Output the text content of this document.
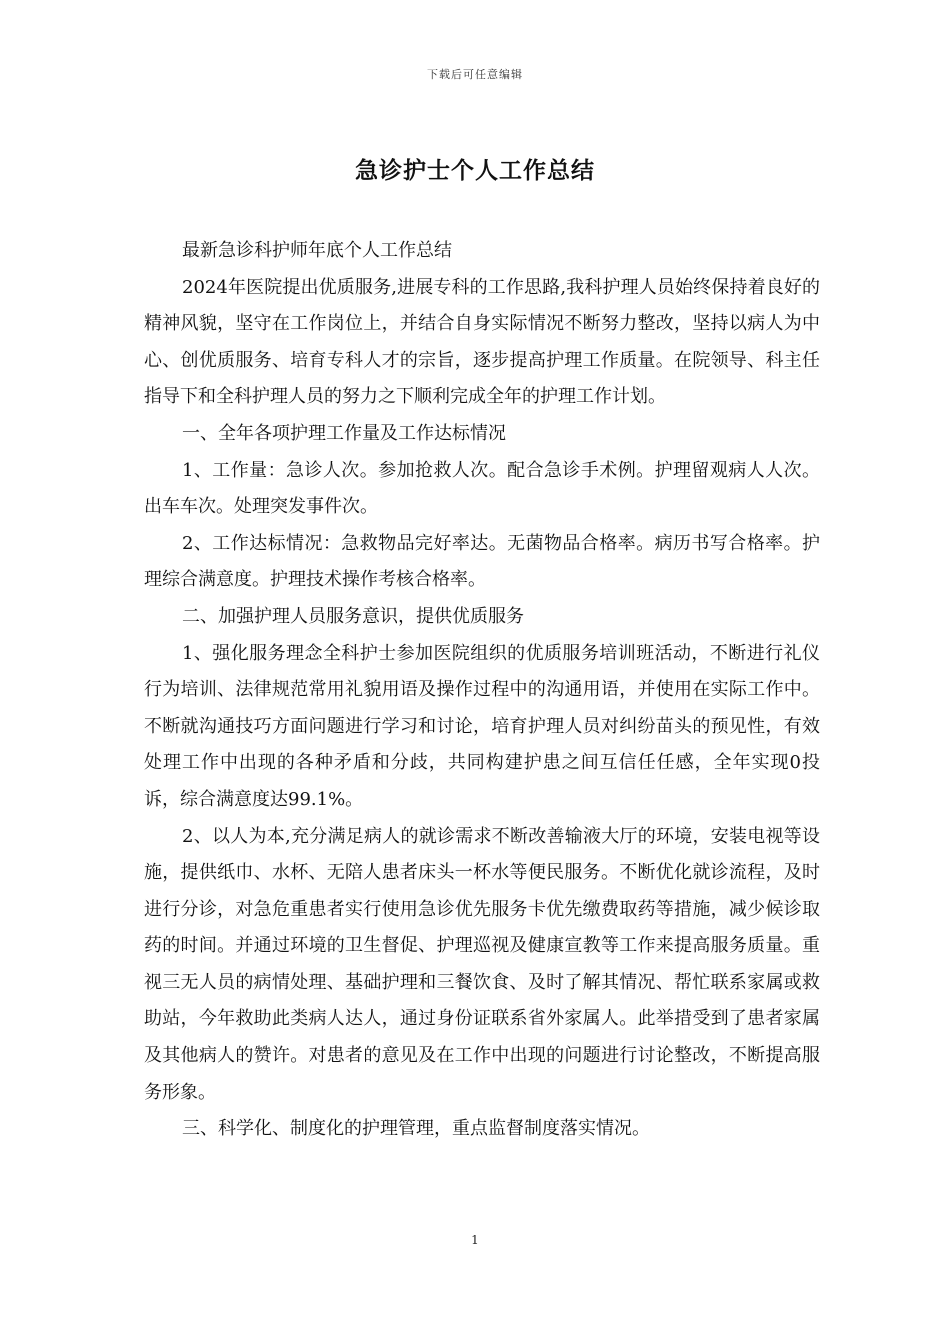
下载后可任意编辑
急诊护士个人工作总结

最新急诊科护师年底个人工作总结

2024年医院提出优质服务,进展专科的工作思路,我科护理人员始终保持着良好的精神风貌，坚守在工作岗位上，并结合自身实际情况不断努力整改，坚持以病人为中心、创优质服务、培育专科人才的宗旨，逐步提高护理工作质量。在院领导、科主任指导下和全科护理人员的努力之下顺利完成全年的护理工作计划。

一、全年各项护理工作量及工作达标情况

1、工作量：急诊人次。参加抢救人次。配合急诊手术例。护理留观病人人次。出车车次。处理突发事件次。

2、工作达标情况：急救物品完好率达。无菌物品合格率。病历书写合格率。护理综合满意度。护理技术操作考核合格率。

二、加强护理人员服务意识，提供优质服务

1、强化服务理念全科护士参加医院组织的优质服务培训班活动，不断进行礼仪行为培训、法律规范常用礼貌用语及操作过程中的沟通用语，并使用在实际工作中。不断就沟通技巧方面问题进行学习和讨论，培育护理人员对纠纷苗头的预见性，有效处理工作中出现的各种矛盾和分歧，共同构建护患之间互信任任感，全年实现0投诉，综合满意度达99.1%。

2、以人为本,充分满足病人的就诊需求不断改善输液大厅的环境，安装电视等设施，提供纸巾、水杯、无陪人患者床头一杯水等便民服务。不断优化就诊流程，及时进行分诊，对急危重患者实行使用急诊优先服务卡优先缴费取药等措施，减少候诊取药的时间。并通过环境的卫生督促、护理巡视及健康宣教等工作来提高服务质量。重视三无人员的病情处理、基础护理和三餐饮食、及时了解其情况、帮忙联系家属或救助站，今年救助此类病人达人，通过身份证联系省外家属人。此举措受到了患者家属及其他病人的赞许。对患者的意见及在工作中出现的问题进行讨论整改，不断提高服务形象。

三、科学化、制度化的护理管理，重点监督制度落实情况。

1
